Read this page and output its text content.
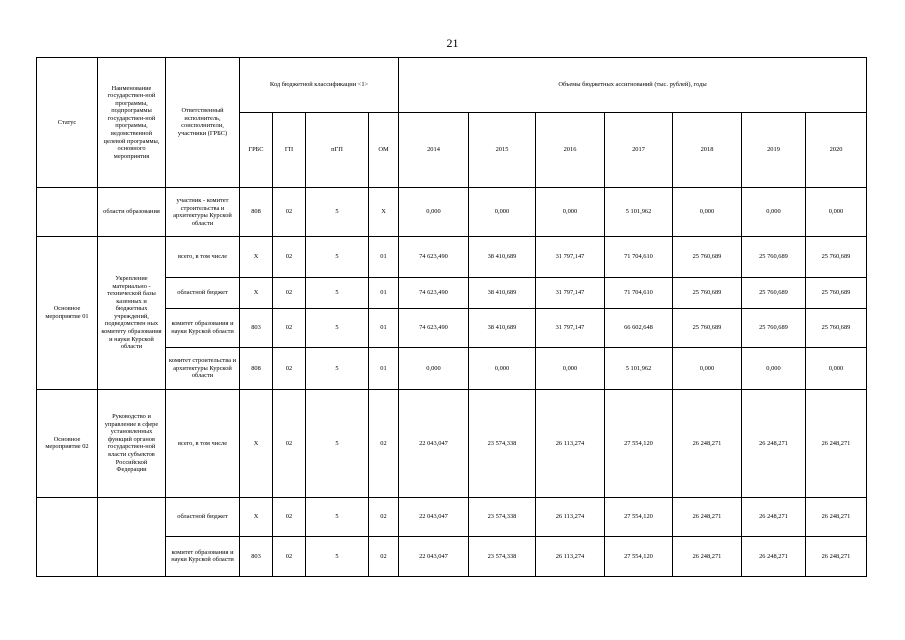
21
Статус	Наименование государствен-ной программы, подпрограммы государствен-ной программы, ведомственной целевой программы, основного мероприятия	Ответственный исполнитель, соисполнители, участники (ГРБС)	Код бюджетной классификации <1>				Объемы бюджетных ассигнований (тыс. рублей), годы						
			ГРБС	ГП	пГП	ОМ	2014	2015	2016	2017	2018	2019	2020
	области образования	участник - комитет строительства и архитектуры Курской области	808	02	5	X	0,000	0,000	0,000	5 101,962	0,000	0,000	0,000
Основное мероприятие 01	Укрепление материально - технической базы казенных и бюджетных учреждений, подведомствен ных комитету образования и науки Курской области	всего, в том числе	X	02	5	01	74 623,490	38 410,689	31 797,147	71 704,610	25 760,689	25 760,689	25 760,689
		областной бюджет	X	02	5	01	74 623,490	38 410,689	31 797,147	71 704,610	25 760,689	25 760,689	25 760,689
		комитет образования и науки Курской области	803	02	5	01	74 623,490	38 410,689	31 797,147	66 602,648	25 760,689	25 760,689	25 760,689
		комитет строительства и архитектуры Курской области	808	02	5	01	0,000	0,000	0,000	5 101,962	0,000	0,000	0,000
Основное мероприятие 02	Руководство и управление в сфере установленных функций органов государствен-ной власти субъектов Российской Федерации	всего, в том числе	X	02	5	02	22 043,047	23 574,338	26 113,274	27 554,120	26 248,271	26 248,271	26 248,271
		областной бюджет	X	02	5	02	22 043,047	23 574,338	26 113,274	27 554,120	26 248,271	26 248,271	26 248,271
		комитет образования и науки Курской области	803	02	5	02	22 043,047	23 574,338	26 113,274	27 554,120	26 248,271	26 248,271	26 248,271
